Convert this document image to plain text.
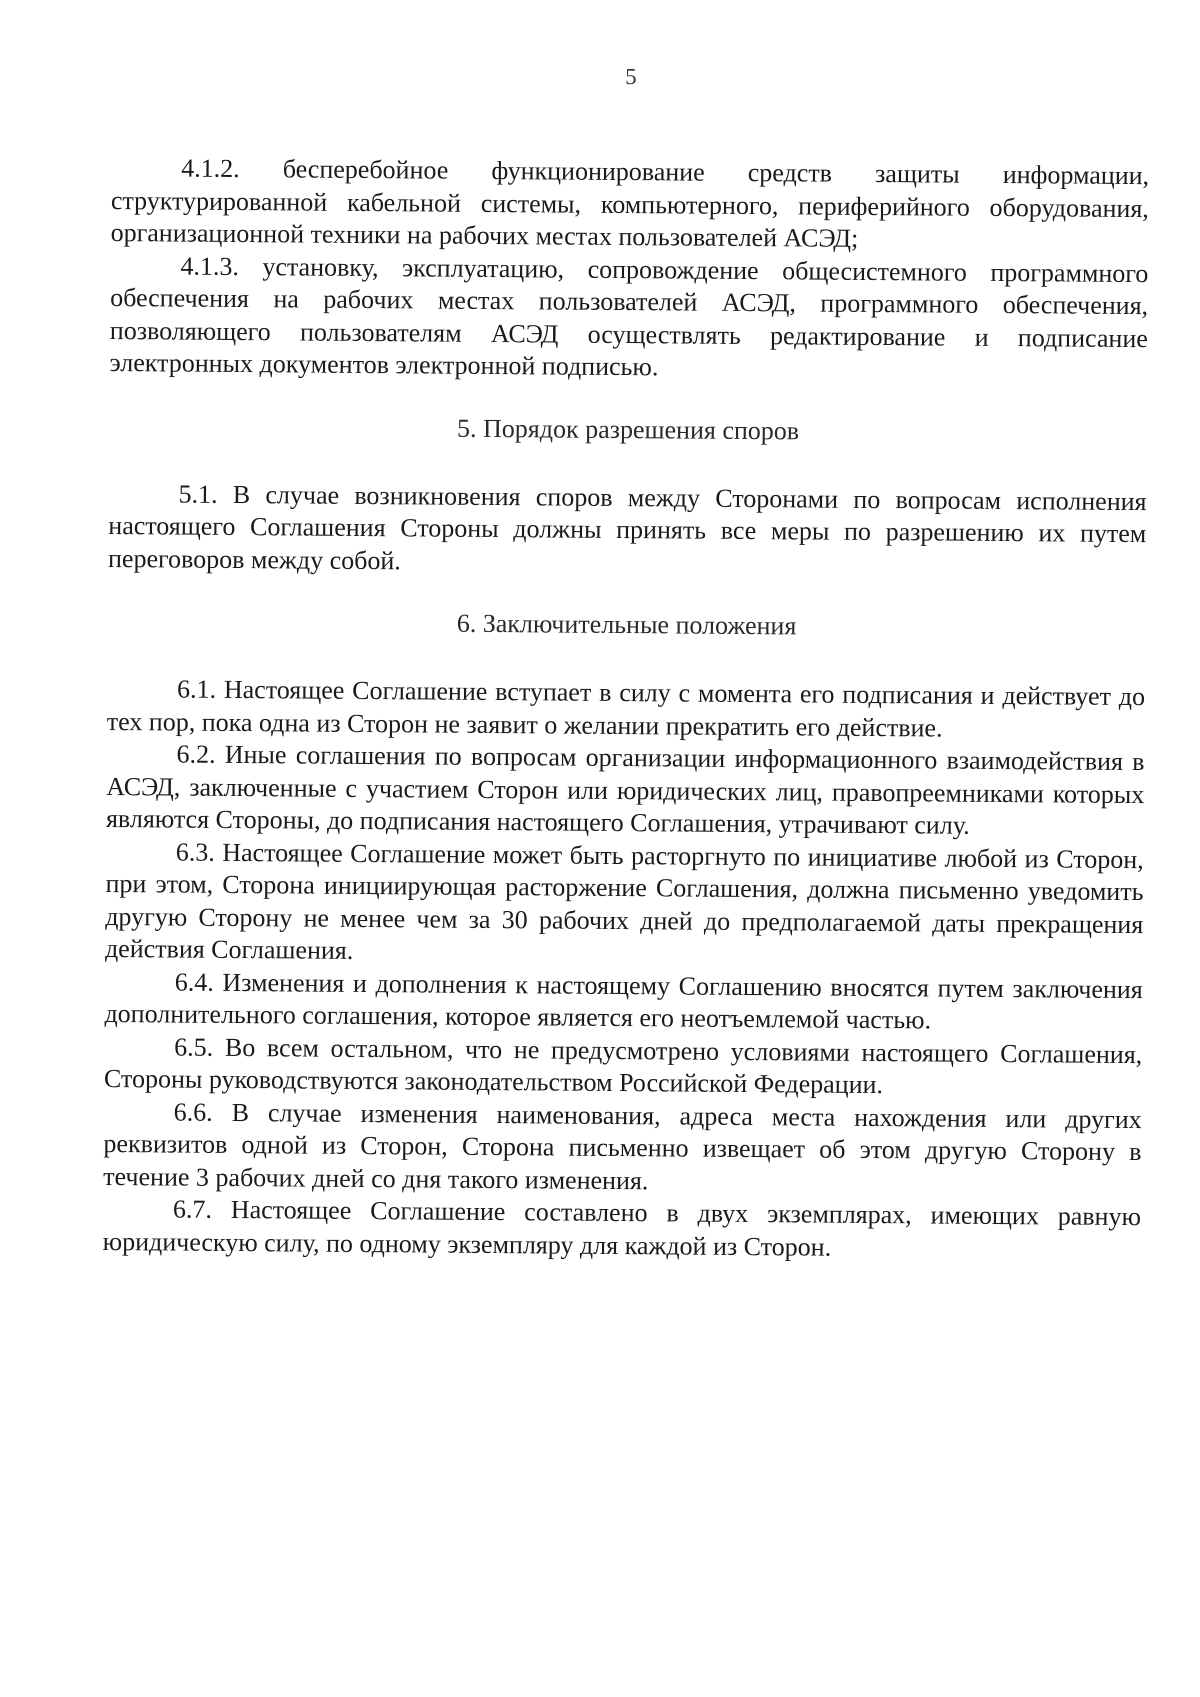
5

4.1.2. бесперебойное функционирование средств защиты информации, структурированной кабельной системы, компьютерного, периферийного оборудования, организационной техники на рабочих местах пользователей АСЭД;

4.1.3. установку, эксплуатацию, сопровождение общесистемного программного обеспечения на рабочих местах пользователей АСЭД, программного обеспечения, позволяющего пользователям АСЭД осуществлять редактирование и подписание электронных документов электронной подписью.

5. Порядок разрешения споров

5.1. В случае возникновения споров между Сторонами по вопросам исполнения настоящего Соглашения Стороны должны принять все меры по разрешению их путем переговоров между собой.

6. Заключительные положения

6.1. Настоящее Соглашение вступает в силу с момента его подписания и действует до тех пор, пока одна из Сторон не заявит о желании прекратить его действие.

6.2. Иные соглашения по вопросам организации информационного взаимодействия в АСЭД, заключенные с участием Сторон или юридических лиц, правопреемниками которых являются Стороны, до подписания настоящего Соглашения, утрачивают силу.

6.3. Настоящее Соглашение может быть расторгнуто по инициативе любой из Сторон, при этом, Сторона инициирующая расторжение Соглашения, должна письменно уведомить другую Сторону не менее чем за 30 рабочих дней до предполагаемой даты прекращения действия Соглашения.

6.4. Изменения и дополнения к настоящему Соглашению вносятся путем заключения дополнительного соглашения, которое является его неотъемлемой частью.

6.5. Во всем остальном, что не предусмотрено условиями настоящего Соглашения, Стороны руководствуются законодательством Российской Федерации.

6.6. В случае изменения наименования, адреса места нахождения или других реквизитов одной из Сторон, Сторона письменно извещает об этом другую Сторону в течение 3 рабочих дней со дня такого изменения.

6.7. Настоящее Соглашение составлено в двух экземплярах, имеющих равную юридическую силу, по одному экземпляру для каждой из Сторон.
